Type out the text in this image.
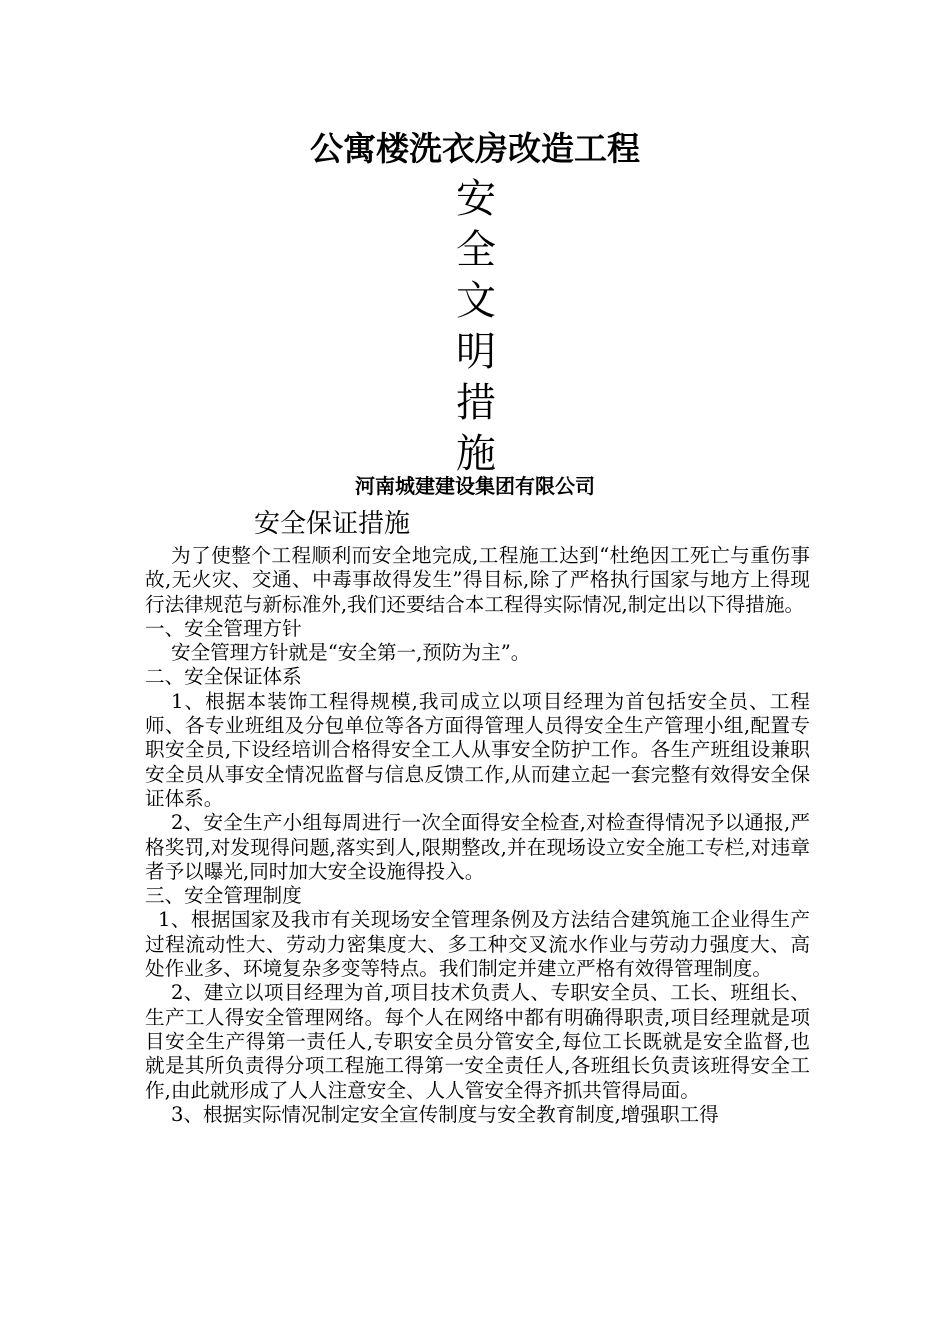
公寓楼洗衣房改造工程
安
全
文
明
措
施
河南城建建设集团有限公司
安全保证措施

为了使整个工程顺利而安全地完成,工程施工达到“杜绝因工死亡与重伤事故,无火灾、交通、中毒事故得发生”得目标,除了严格执行国家与地方上得现行法律规范与新标准外,我们还要结合本工程得实际情况,制定出以下得措施。

一、安全管理方针

安全管理方针就是“安全第一,预防为主”。

二、安全保证体系

1、根据本装饰工程得规模,我司成立以项目经理为首包括安全员、工程师、各专业班组及分包单位等各方面得管理人员得安全生产管理小组,配置专职安全员,下设经培训合格得安全工人从事安全防护工作。各生产班组设兼职安全员从事安全情况监督与信息反馈工作,从而建立起一套完整有效得安全保证体系。

2、安全生产小组每周进行一次全面得安全检查,对检查得情况予以通报,严格奖罚,对发现得问题,落实到人,限期整改,并在现场设立安全施工专栏,对违章者予以曝光,同时加大安全设施得投入。

三、安全管理制度

1、根据国家及我市有关现场安全管理条例及方法结合建筑施工企业得生产过程流动性大、劳动力密集度大、多工种交叉流水作业与劳动力强度大、高处作业多、环境复杂多变等特点。我们制定并建立严格有效得管理制度。

2、建立以项目经理为首,项目技术负责人、专职安全员、工长、班组长、生产工人得安全管理网络。每个人在网络中都有明确得职责,项目经理就是项目安全生产得第一责任人,专职安全员分管安全,每位工长既就是安全监督,也就是其所负责得分项工程施工得第一安全责任人,各班组长负责该班得安全工作,由此就形成了人人注意安全、人人管安全得齐抓共管得局面。

3、根据实际情况制定安全宣传制度与安全教育制度,增强职工得
